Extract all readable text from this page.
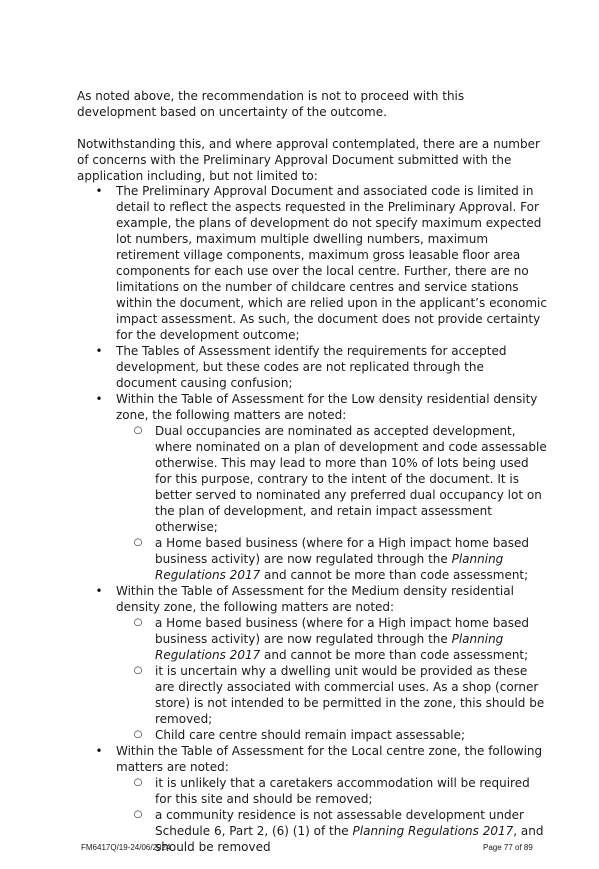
As noted above, the recommendation is not to proceed with this development based on uncertainty of the outcome.

Notwithstanding this, and where approval contemplated, there are a number of concerns with the Preliminary Approval Document submitted with the application including, but not limited to:

• The Preliminary Approval Document and associated code is limited in detail to reflect the aspects requested in the Preliminary Approval. For example, the plans of development do not specify maximum expected lot numbers, maximum multiple dwelling numbers, maximum retirement village components, maximum gross leasable floor area components for each use over the local centre. Further, there are no limitations on the number of childcare centres and service stations within the document, which are relied upon in the applicant’s economic impact assessment. As such, the document does not provide certainty for the development outcome;
• The Tables of Assessment identify the requirements for accepted development, but these codes are not replicated through the document causing confusion;
• Within the Table of Assessment for the Low density residential density zone, the following matters are noted:
○ Dual occupancies are nominated as accepted development, where nominated on a plan of development and code assessable otherwise. This may lead to more than 10% of lots being used for this purpose, contrary to the intent of the document. It is better served to nominated any preferred dual occupancy lot on the plan of development, and retain impact assessment otherwise;
○ a Home based business (where for a High impact home based business activity) are now regulated through the Planning Regulations 2017 and cannot be more than code assessment;
• Within the Table of Assessment for the Medium density residential density zone, the following matters are noted:
○ a Home based business (where for a High impact home based business activity) are now regulated through the Planning Regulations 2017 and cannot be more than code assessment;
○ it is uncertain why a dwelling unit would be provided as these are directly associated with commercial uses. As a shop (corner store) is not intended to be permitted in the zone, this should be removed;
○ Child care centre should remain impact assessable;
• Within the Table of Assessment for the Local centre zone, the following matters are noted:
○ it is unlikely that a caretakers accommodation will be required for this site and should be removed;
○ a community residence is not assessable development under Schedule 6, Part 2, (6) (1) of the Planning Regulations 2017, and should be removed
FM6417Q/19-24/06/2024	Page 77 of 89
